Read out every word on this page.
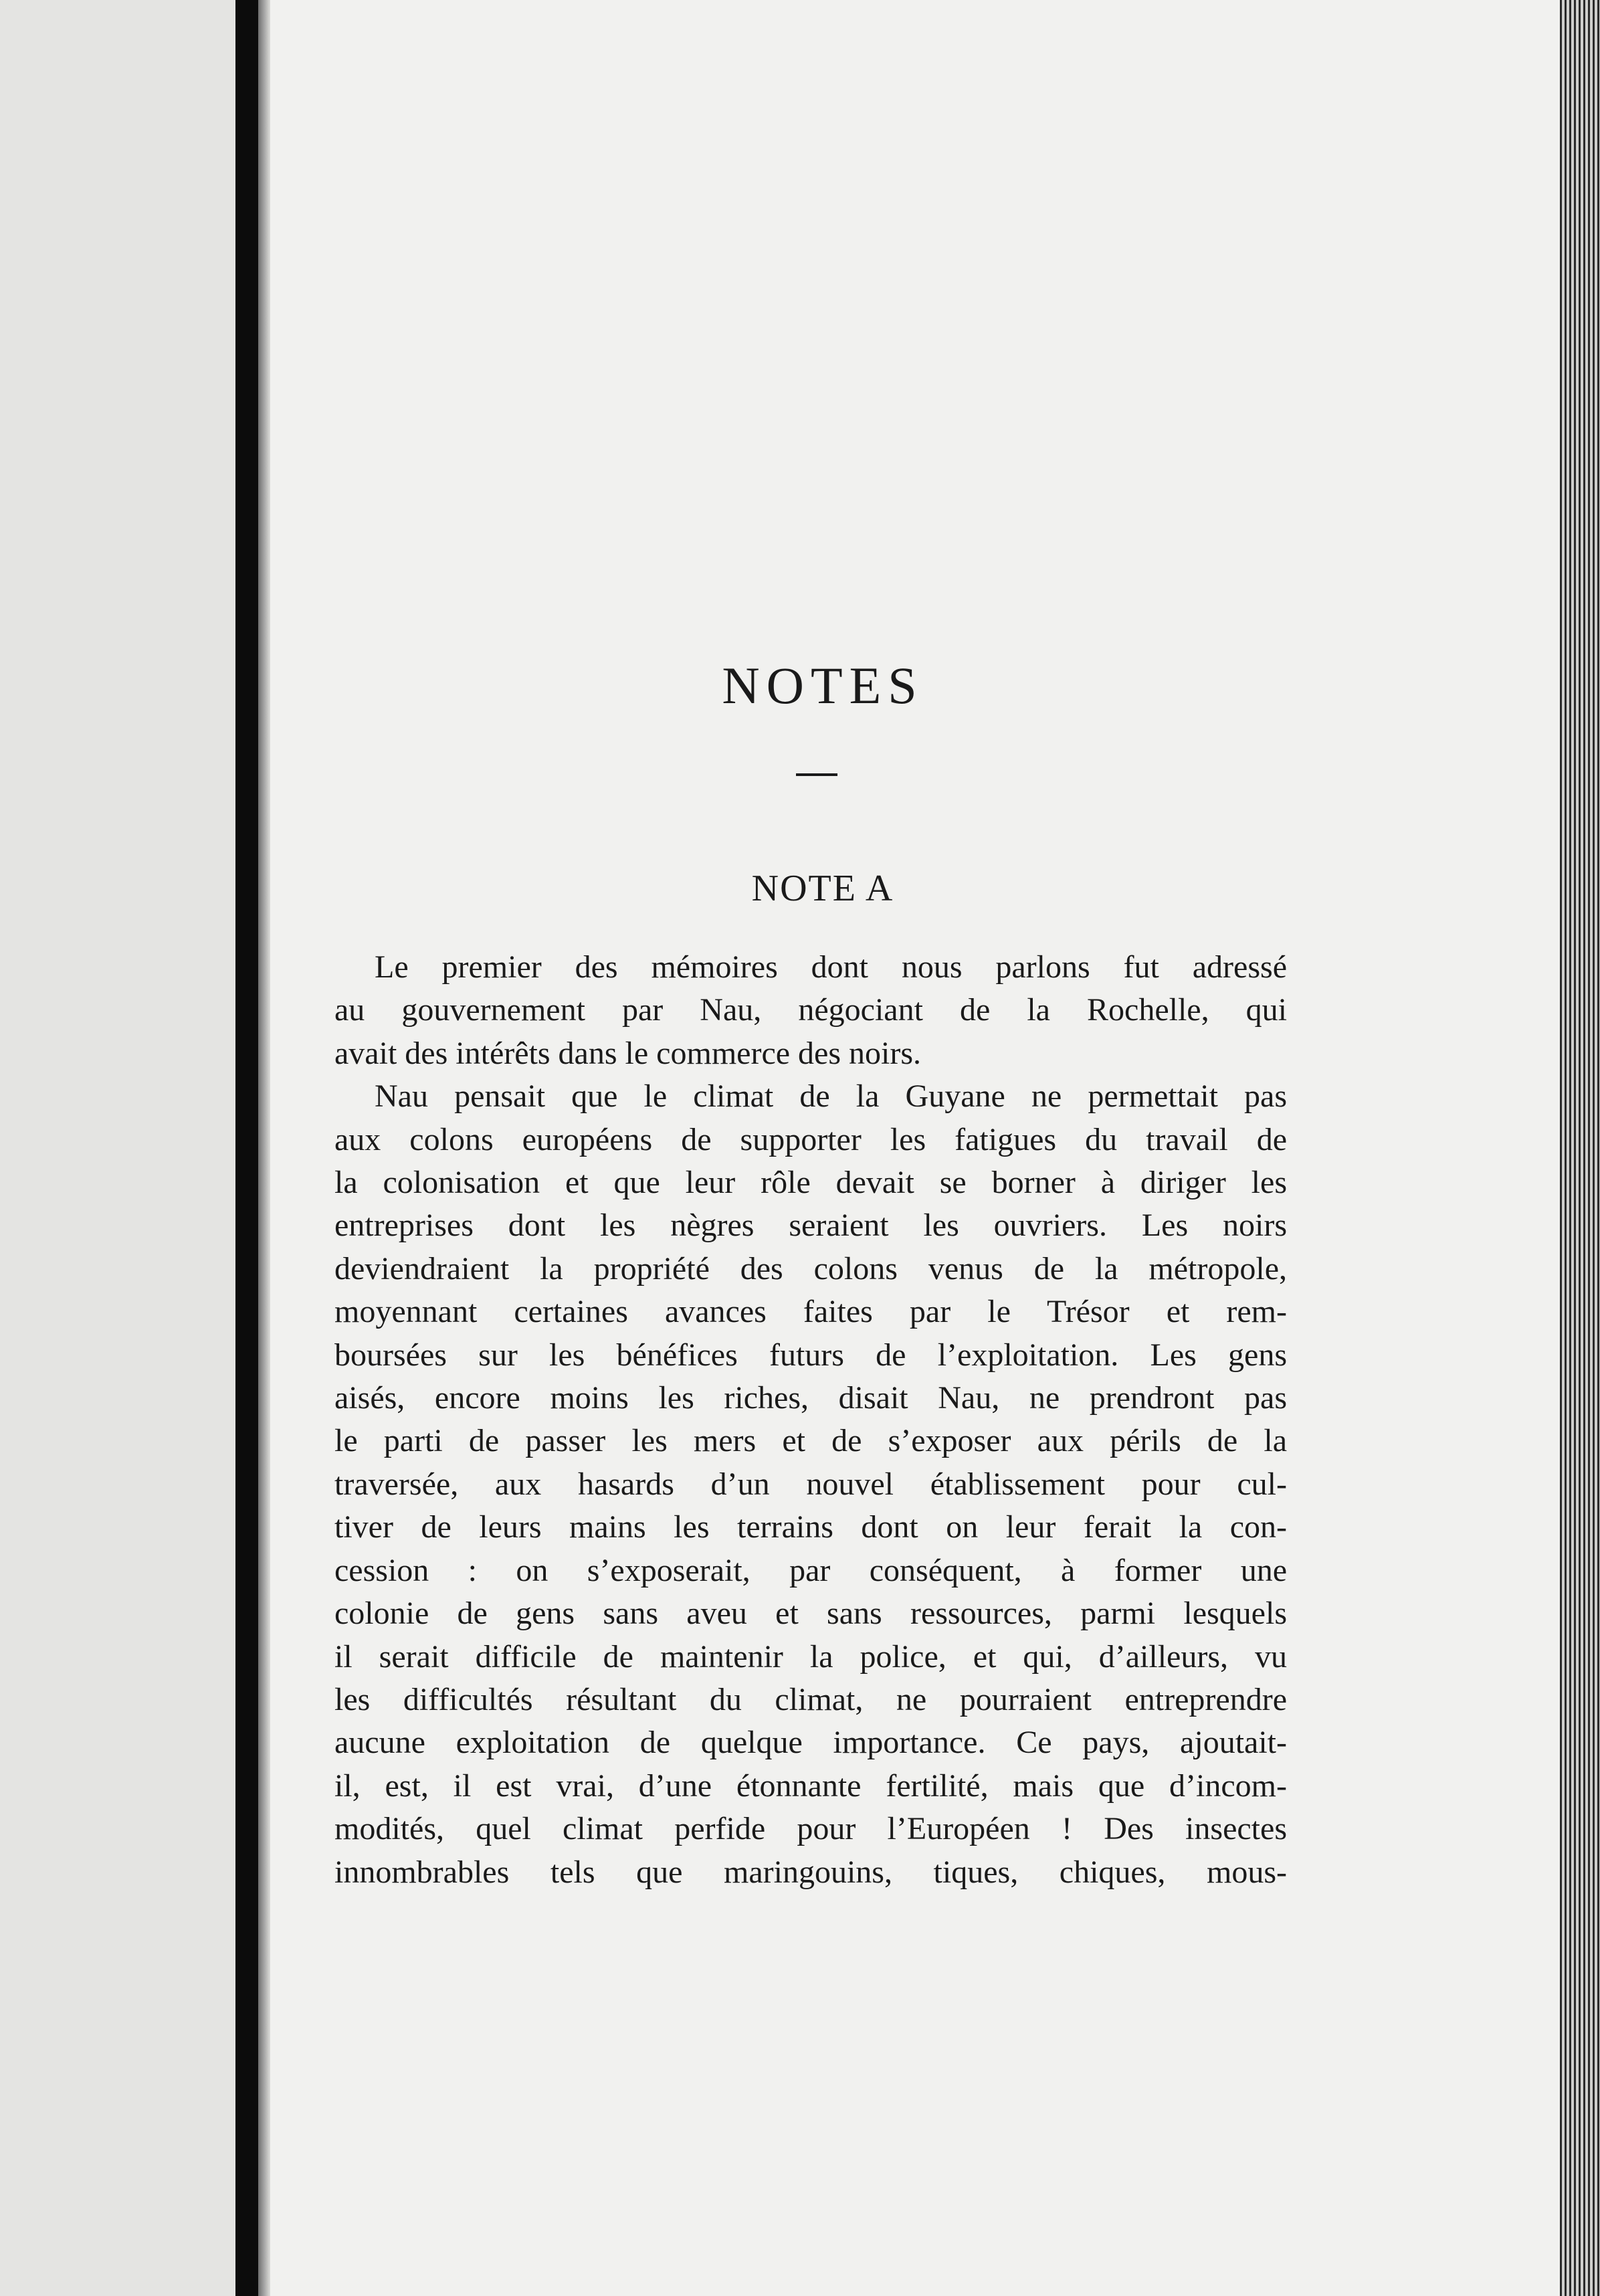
NOTES
NOTE A
Le premier des mémoires dont nous parlons fut adressé
au gouvernement par Nau, négociant de la Rochelle, qui
avait des intérêts dans le commerce des noirs.
Nau pensait que le climat de la Guyane ne permettait pas
aux colons européens de supporter les fatigues du travail de
la colonisation et que leur rôle devait se borner à diriger les
entreprises dont les nègres seraient les ouvriers. Les noirs
deviendraient la propriété des colons venus de la métropole,
moyennant certaines avances faites par le Trésor et rem-
boursées sur les bénéfices futurs de l’exploitation. Les gens
aisés, encore moins les riches, disait Nau, ne prendront pas
le parti de passer les mers et de s’exposer aux périls de la
traversée, aux hasards d’un nouvel établissement pour cul-
tiver de leurs mains les terrains dont on leur ferait la con-
cession : on s’exposerait, par conséquent, à former une
colonie de gens sans aveu et sans ressources, parmi lesquels
il serait difficile de maintenir la police, et qui, d’ailleurs, vu
les difficultés résultant du climat, ne pourraient entreprendre
aucune exploitation de quelque importance. Ce pays, ajoutait-
il, est, il est vrai, d’une étonnante fertilité, mais que d’incom-
modités, quel climat perfide pour l’Européen ! Des insectes
innombrables tels que maringouins, tiques, chiques, mous-
